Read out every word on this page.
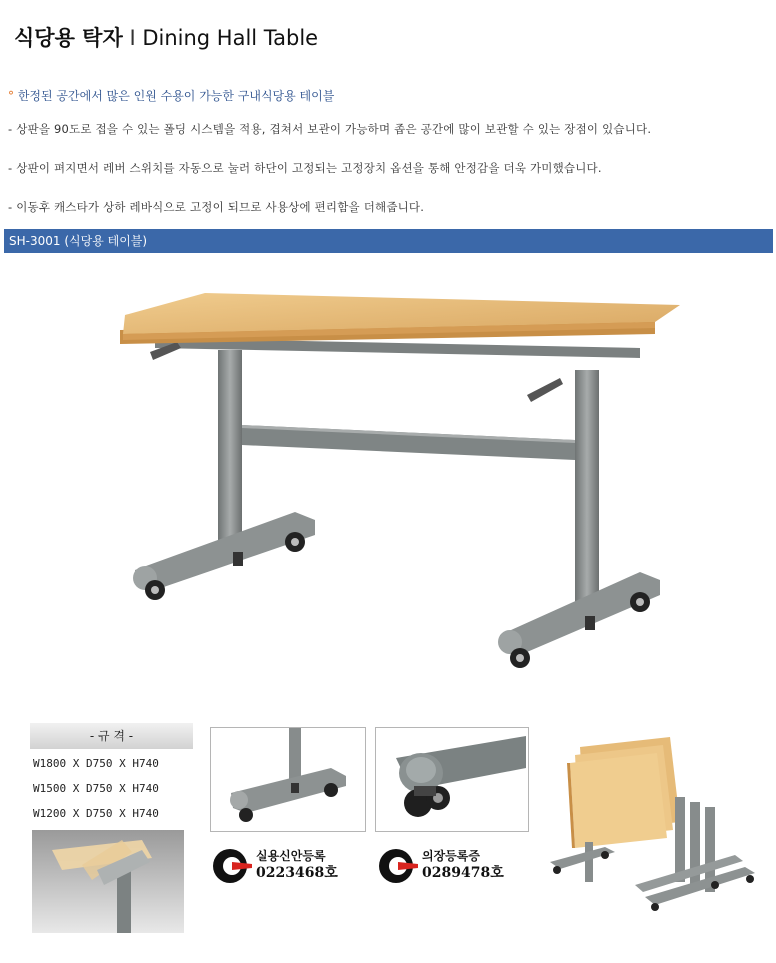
식당용 탁자 I Dining Hall Table
° 한정된 공간에서 많은 인원 수용이 가능한 구내식당용 테이블
- 상판을 90도로 접을 수 있는 폴딩 시스템을 적용, 겹쳐서 보관이 가능하며 좁은 공간에 많이 보관할 수 있는 장점이 있습니다.
- 상판이 펴지면서 레버 스위치를 자동으로 눌러 하단이 고정되는 고정장치 옵션을 통해 안정감을 더욱 가미했습니다.
- 이동후 캐스타가 상하 레바식으로 고정이 되므로 사용상에 편리함을 더해줍니다.
SH-3001 (식당용 테이블)
- 규 격 -
W1800 X D750 X H740
W1500 X D750 X H740
W1200 X D750 X H740
실용신안등록
0223468호
의장등록증
0289478호
